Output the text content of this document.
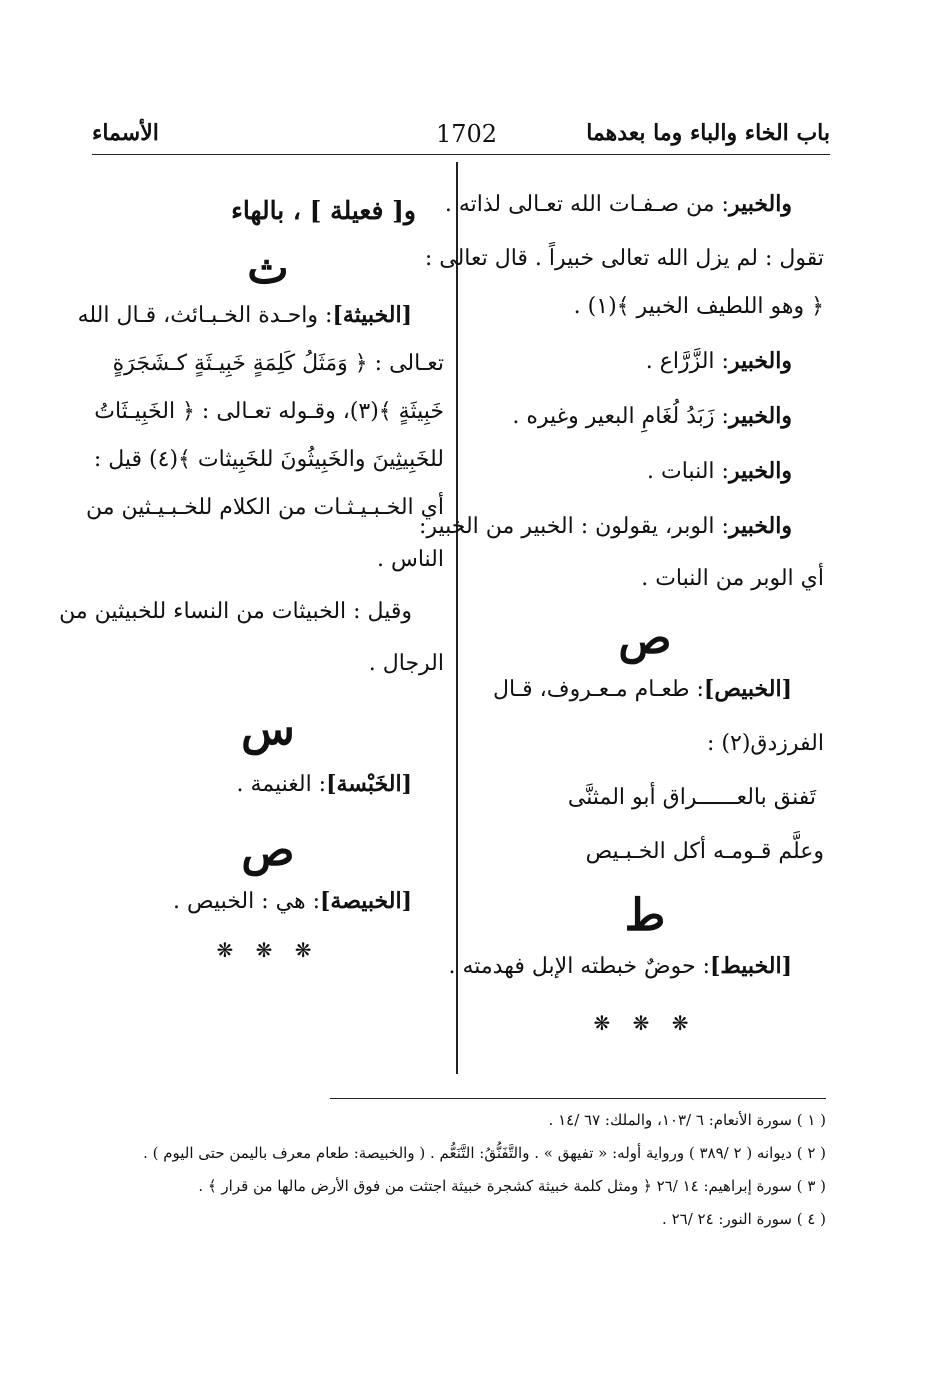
باب الخاء والباء وما بعدهما
1702
الأسماء
والخبير: من صـفـات الله تعـالى لذاته .
تقول : لم يزل الله تعالى خبيراً . قال تعالى :
﴿ وهو اللطيف الخبير ﴾(١) .
والخبير: الزَّرَّاع .
والخبير: زَبَدُ لُغَامِ البعير وغيره .
والخبير: النبات .
والخبير: الوبر، يقولون : الخبير من الخبير:
أي الوبر من النبات .
ص
[الخبيص]: طعـام مـعـروف، قـال
الفرزدق(٢) :
تَفنق بالعــــــراق أبو المثنَّى
وعلَّم قـومـه أكل الخـبـيص
ط
[الخبيط]: حوضٌ خبطته الإبل فهدمته .
❋ ❋ ❋
و[ فعيلة ] ، بالهاء
ث
[الخبيثة]: واحـدة الخـبـائث، قـال الله
تعـالى : ﴿ وَمَثَلُ كَلِمَةٍ خَبِيـثَةٍ كـشَجَرَةٍ
خَبِيثَةٍ ﴾(٣)، وقـوله تعـالى : ﴿ الخَبِيـثَاتُ
للخَبِيثِينَ والخَبِيثُونَ للخَبِيثات ﴾(٤) قيل :
أي الخـبـيـثـات من الكلام للخـبـيـثين من
الناس .
وقيل : الخبيثات من النساء للخبيثين من
الرجال .
س
[الخَبْسة]: الغنيمة .
ص
[الخبيصة]: هي : الخبيص .
❋ ❋ ❋
( ١ ) سورة الأنعام: ٦ /١٠٣، والملك: ٦٧ /١٤ .
( ٢ ) ديوانه ( ٢ /٣٨٩ ) ورواية أوله: « تفيهق » . والتَّفَنُّقُ: التَّنَعُّم . ( والخبيصة: طعام معرف باليمن حتى اليوم ) .
( ٣ ) سورة إبراهيم: ١٤ /٢٦ ﴿ ومثل كلمة خبيثة كشجرة خبيثة اجتثت من فوق الأرض مالها من قرار ﴾ .
( ٤ ) سورة النور: ٢٤ /٢٦ .
